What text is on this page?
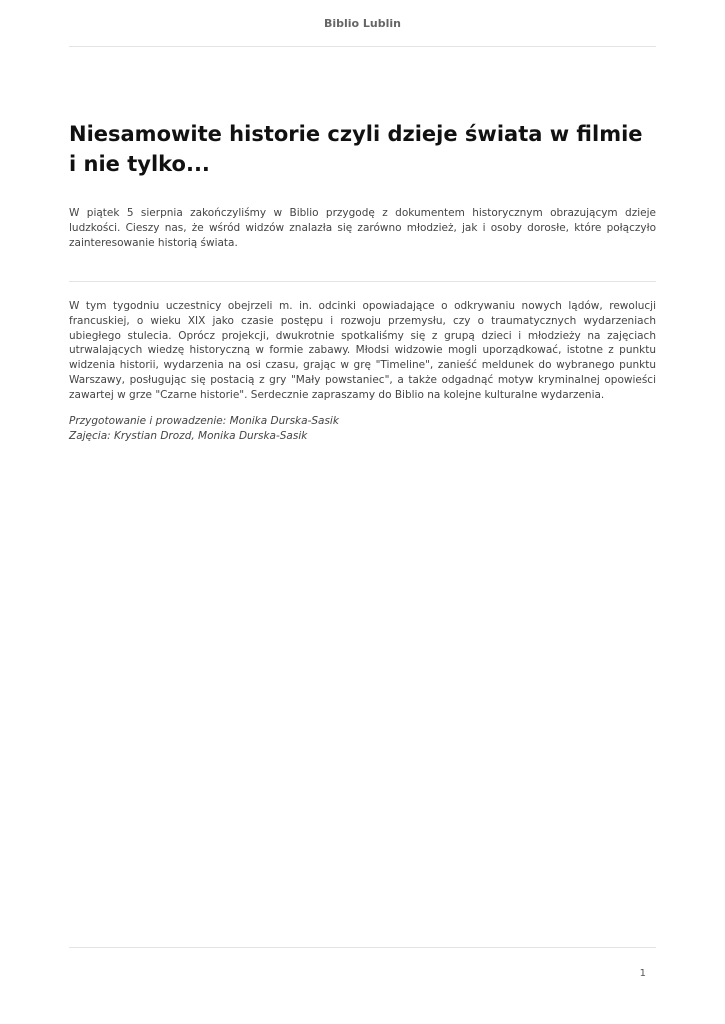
Biblio Lublin
Niesamowite historie czyli dzieje świata w filmie i nie tylko...

W piątek 5 sierpnia zakończyliśmy w Biblio przygodę z dokumentem historycznym obrazującym dzieje ludzkości. Cieszy nas, że wśród widzów znalazła się zarówno młodzież, jak i osoby dorosłe, które połączyło zainteresowanie historią świata.

W tym tygodniu uczestnicy obejrzeli m. in. odcinki opowiadające o odkrywaniu nowych lądów, rewolucji francuskiej, o wieku XIX jako czasie postępu i rozwoju przemysłu, czy o traumatycznych wydarzeniach ubiegłego stulecia. Oprócz projekcji, dwukrotnie spotkaliśmy się z grupą dzieci i młodzieży na zajęciach utrwalających wiedzę historyczną w formie zabawy. Młodsi widzowie mogli uporządkować, istotne z punktu widzenia historii, wydarzenia na osi czasu, grając w grę "Timeline", zanieść meldunek do wybranego punktu Warszawy, posługując się postacią z gry "Mały powstaniec", a także odgadnąć motyw kryminalnej opowieści zawartej w grze "Czarne historie". Serdecznie zapraszamy do Biblio na kolejne kulturalne wydarzenia.

Przygotowanie i prowadzenie: Monika Durska-Sasik
Zajęcia: Krystian Drozd, Monika Durska-Sasik
1
